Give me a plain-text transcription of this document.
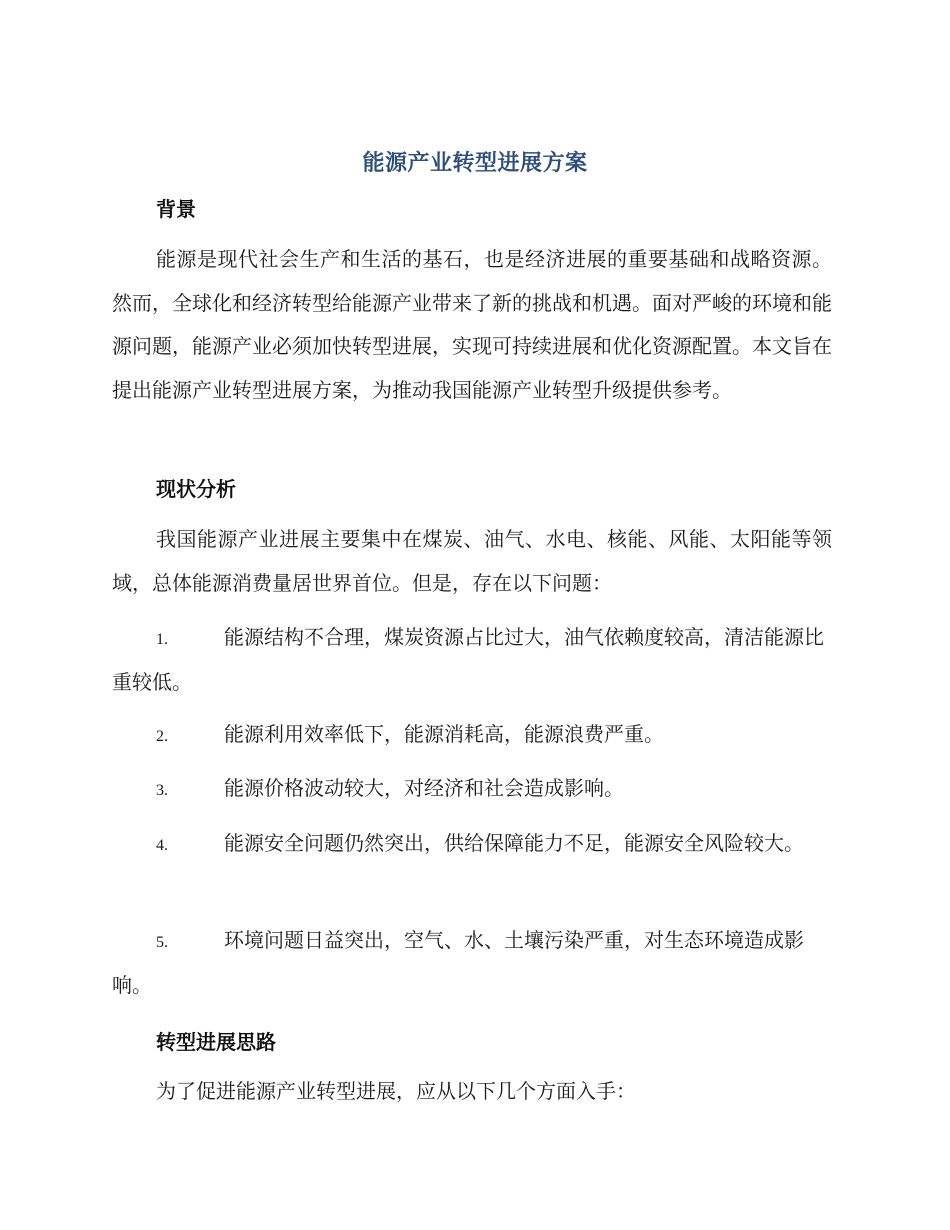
能源产业转型进展方案
背景
能源是现代社会生产和生活的基石，也是经济进展的重要基础和战略资源。然而，全球化和经济转型给能源产业带来了新的挑战和机遇。面对严峻的环境和能源问题，能源产业必须加快转型进展，实现可持续进展和优化资源配置。本文旨在提出能源产业转型进展方案，为推动我国能源产业转型升级提供参考。
现状分析
我国能源产业进展主要集中在煤炭、油气、水电、核能、风能、太阳能等领域，总体能源消费量居世界首位。但是，存在以下问题：
1.	能源结构不合理，煤炭资源占比过大，油气依赖度较高，清洁能源比重较低。
2.	能源利用效率低下，能源消耗高，能源浪费严重。
3.	能源价格波动较大，对经济和社会造成影响。
4.	能源安全问题仍然突出，供给保障能力不足，能源安全风险较大。
5.	环境问题日益突出，空气、水、土壤污染严重，对生态环境造成影响。
转型进展思路
为了促进能源产业转型进展，应从以下几个方面入手：
